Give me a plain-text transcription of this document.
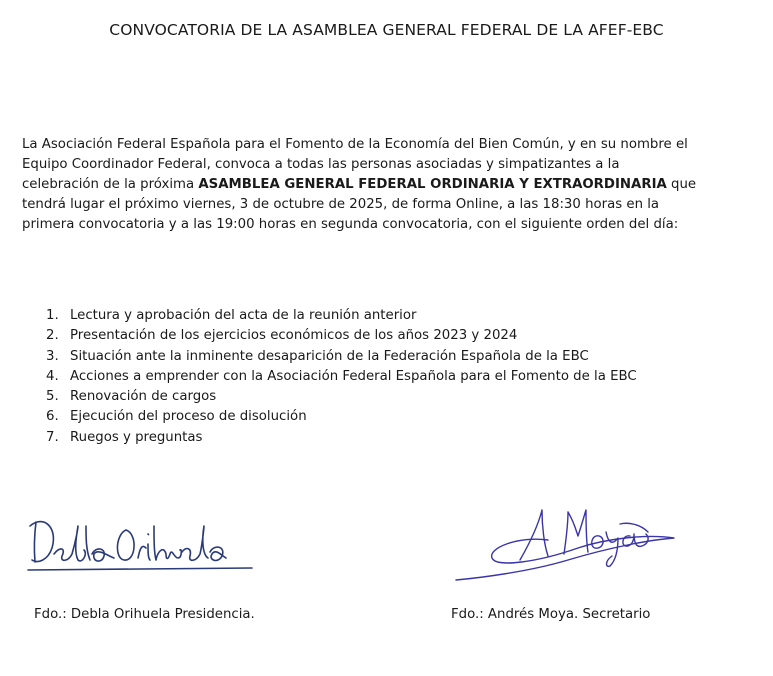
CONVOCATORIA DE LA ASAMBLEA GENERAL FEDERAL DE LA AFEF-EBC
La Asociación Federal Española para el Fomento de la Economía del Bien Común, y en su nombre el
Equipo Coordinador Federal, convoca a todas las personas asociadas y simpatizantes a la
celebración de la próxima ASAMBLEA GENERAL FEDERAL ORDINARIA Y EXTRAORDINARIA que
tendrá lugar el próximo viernes, 3 de octubre de 2025, de forma Online, a las 18:30 horas en la
primera convocatoria y a las 19:00 horas en segunda convocatoria, con el siguiente orden del día:
1. Lectura y aprobación del acta de la reunión anterior
2. Presentación de los ejercicios económicos de los años 2023 y 2024
3. Situación ante la inminente desaparición de la Federación Española de la EBC
4. Acciones a emprender con la Asociación Federal Española para el Fomento de la EBC
5. Renovación de cargos
6. Ejecución del proceso de disolución
7. Ruegos y preguntas
Fdo.: Debla Orihuela Presidencia.	Fdo.: Andrés Moya. Secretario
